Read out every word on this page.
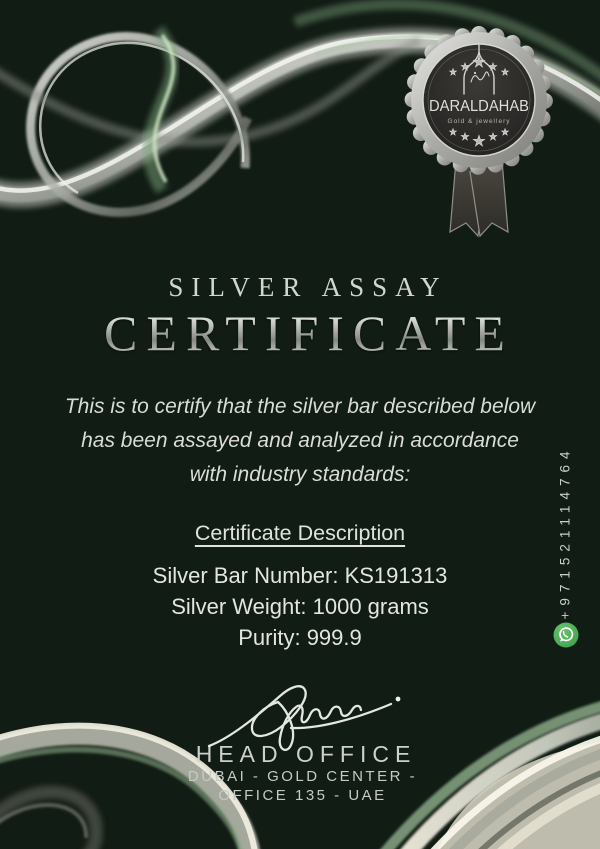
★
★ ★
★	★
★
★ ★
★	★
DARALDAHAB
Gold & jewellery
SILVER ASSAY
CERTIFICATE
This is to certify that the silver bar described below
has been assayed and analyzed in accordance
with industry standards:
Certificate Description
Silver Bar Number: KS191313
Silver Weight: 1000 grams
Purity: 999.9
HEAD OFFICE
DUBAI - GOLD CENTER -
OFFICE 135 - UAE
+971521114764
